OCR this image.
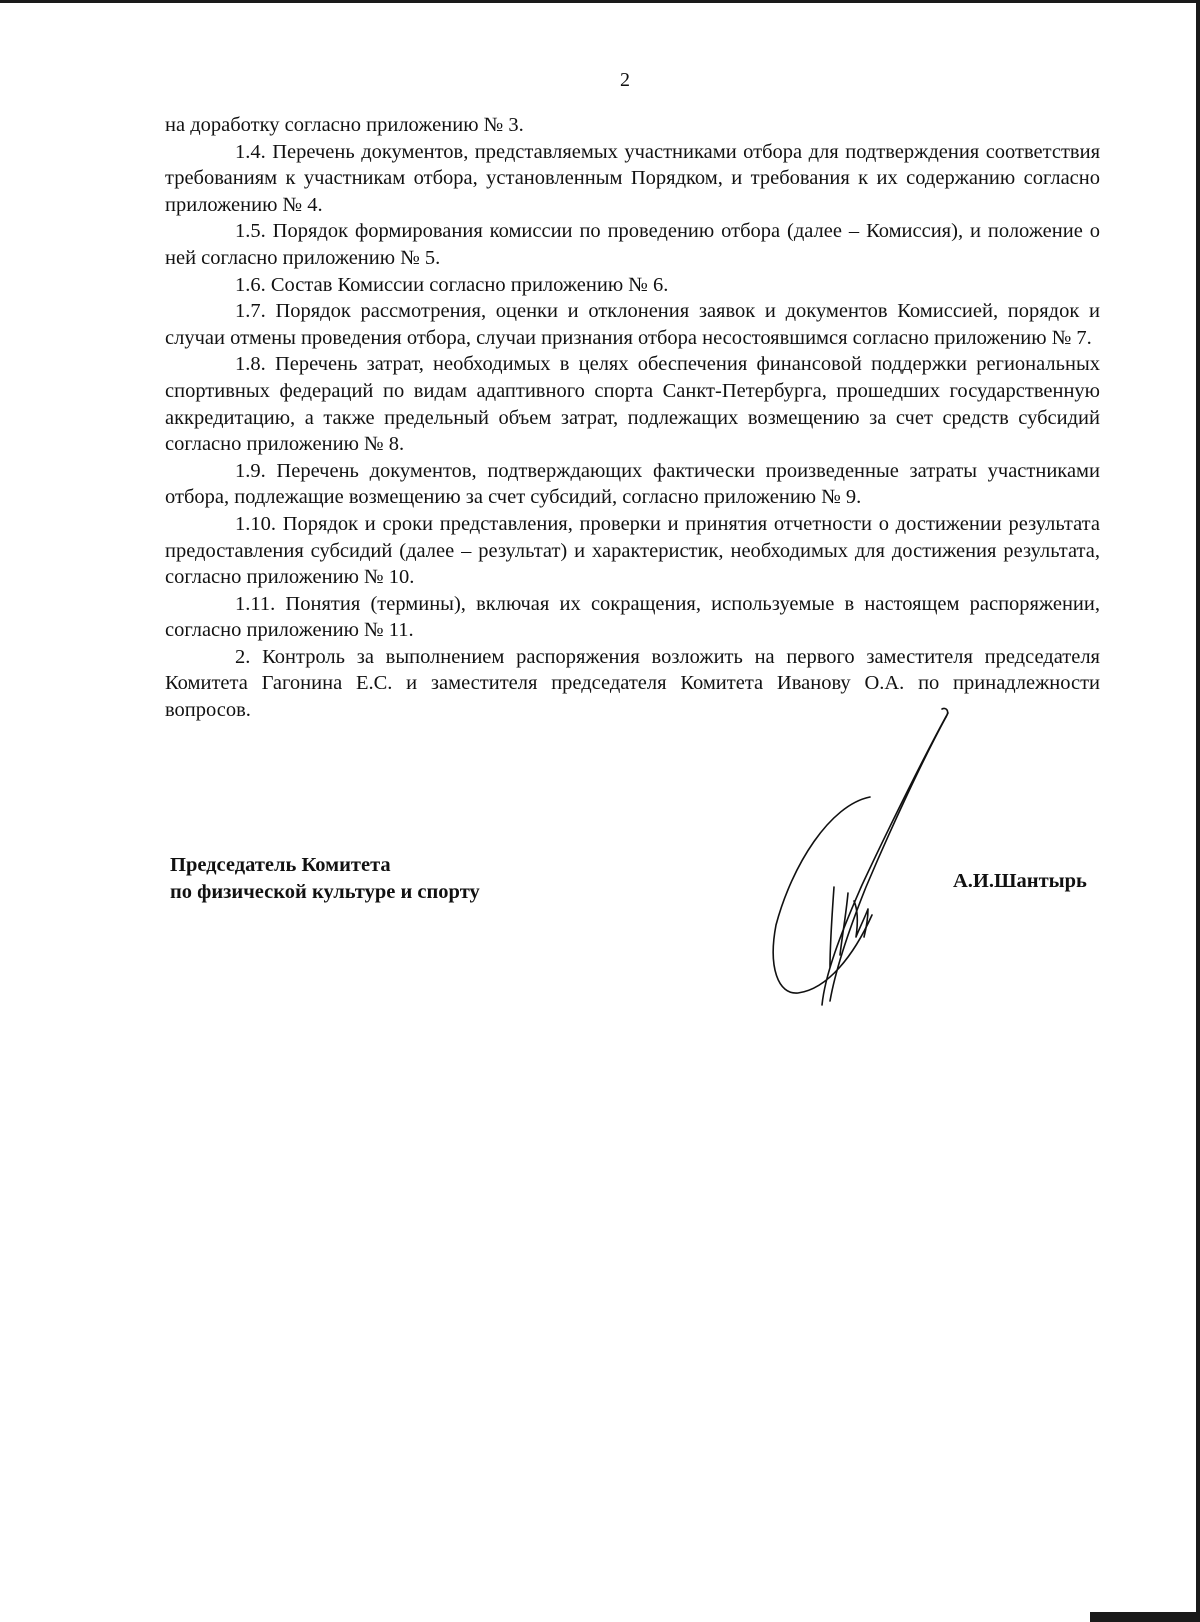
2

на доработку согласно приложению № 3.

1.4. Перечень документов, представляемых участниками отбора для подтверждения соответствия требованиям к участникам отбора, установленным Порядком, и требования к их содержанию согласно приложению № 4.

1.5. Порядок формирования комиссии по проведению отбора (далее – Комиссия), и положение о ней согласно приложению № 5.

1.6. Состав Комиссии согласно приложению № 6.

1.7. Порядок рассмотрения, оценки и отклонения заявок и документов Комиссией, порядок и случаи отмены проведения отбора, случаи признания отбора несостоявшимся согласно приложению № 7.

1.8. Перечень затрат, необходимых в целях обеспечения финансовой поддержки региональных спортивных федераций по видам адаптивного спорта Санкт-Петербурга, прошедших государственную аккредитацию, а также предельный объем затрат, подлежащих возмещению за счет средств субсидий согласно приложению № 8.

1.9. Перечень документов, подтверждающих фактически произведенные затраты участниками отбора, подлежащие возмещению за счет субсидий, согласно приложению № 9.

1.10. Порядок и сроки представления, проверки и принятия отчетности о достижении результата предоставления субсидий (далее – результат) и характеристик, необходимых для достижения результата, согласно приложению № 10.

1.11. Понятия (термины), включая их сокращения, используемые в настоящем распоряжении, согласно приложению № 11.

2. Контроль за выполнением распоряжения возложить на первого заместителя председателя Комитета Гагонина Е.С. и заместителя председателя Комитета Иванову О.А. по принадлежности вопросов.

Председатель Комитета
по физической культуре и спорту	А.И.Шантырь
